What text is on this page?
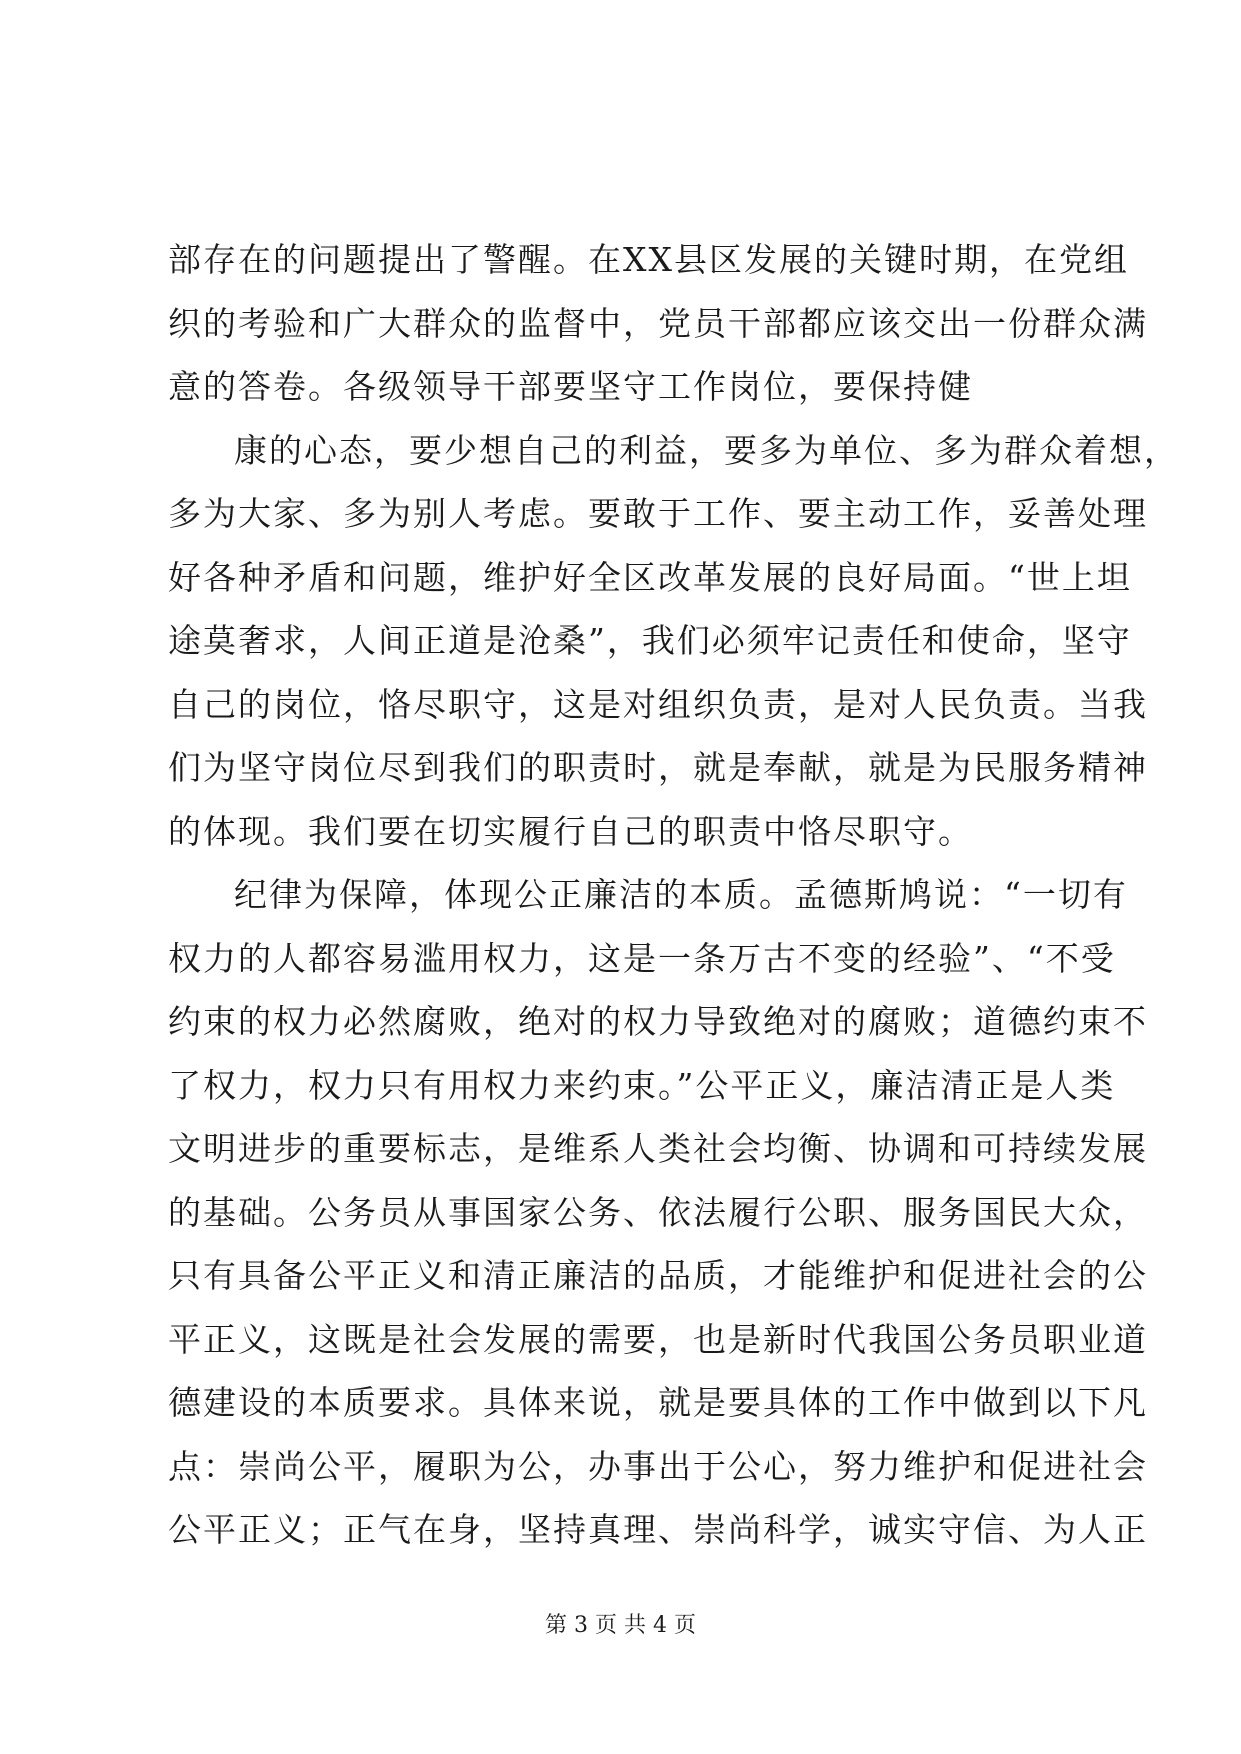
部存在的问题提出了警醒。在XX县区发展的关键时期，在党组
织的考验和广大群众的监督中，党员干部都应该交出一份群众满
意的答卷。各级领导干部要坚守工作岗位，要保持健
康的心态，要少想自己的利益，要多为单位、多为群众着想，
多为大家、多为别人考虑。要敢于工作、要主动工作，妥善处理
好各种矛盾和问题，维护好全区改革发展的良好局面。“世上坦
途莫奢求，人间正道是沧桑”，我们必须牢记责任和使命，坚守
自己的岗位，恪尽职守，这是对组织负责，是对人民负责。当我
们为坚守岗位尽到我们的职责时，就是奉献，就是为民服务精神
的体现。我们要在切实履行自己的职责中恪尽职守。
纪律为保障，体现公正廉洁的本质。孟德斯鸠说：“一切有
权力的人都容易滥用权力，这是一条万古不变的经验”、“不受
约束的权力必然腐败，绝对的权力导致绝对的腐败；道德约束不
了权力，权力只有用权力来约束。”公平正义，廉洁清正是人类
文明进步的重要标志，是维系人类社会均衡、协调和可持续发展
的基础。公务员从事国家公务、依法履行公职、服务国民大众，
只有具备公平正义和清正廉洁的品质，才能维护和促进社会的公
平正义，这既是社会发展的需要，也是新时代我国公务员职业道
德建设的本质要求。具体来说，就是要具体的工作中做到以下凡
点：崇尚公平，履职为公，办事出于公心，努力维护和促进社会
公平正义；正气在身，坚持真理、崇尚科学，诚实守信、为人正
第 3 页 共 4 页
